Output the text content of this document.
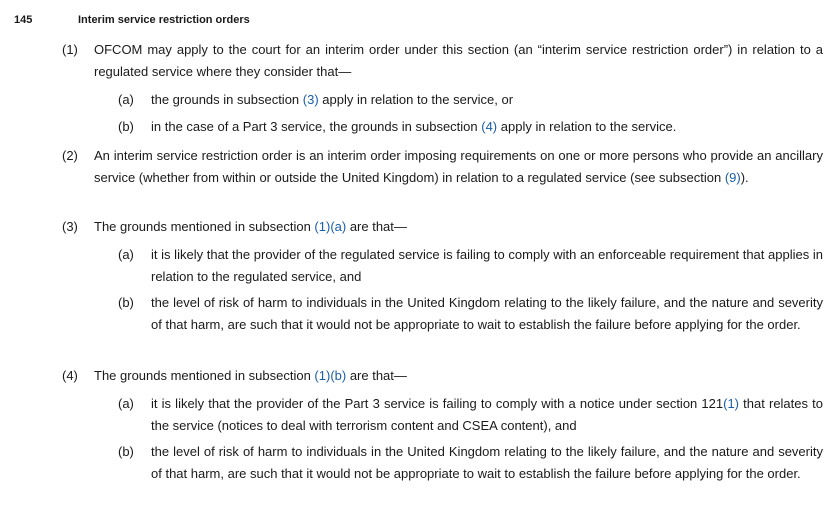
145	Interim service restriction orders
(1) OFCOM may apply to the court for an interim order under this section (an “interim service restriction order”) in relation to a regulated service where they consider that—
(a) the grounds in subsection (3) apply in relation to the service, or
(b) in the case of a Part 3 service, the grounds in subsection (4) apply in relation to the service.
(2) An interim service restriction order is an interim order imposing requirements on one or more persons who provide an ancillary service (whether from within or outside the United Kingdom) in relation to a regulated service (see subsection (9)).
(3) The grounds mentioned in subsection (1)(a) are that—
(a) it is likely that the provider of the regulated service is failing to comply with an enforceable requirement that applies in relation to the regulated service, and
(b) the level of risk of harm to individuals in the United Kingdom relating to the likely failure, and the nature and severity of that harm, are such that it would not be appropriate to wait to establish the failure before applying for the order.
(4) The grounds mentioned in subsection (1)(b) are that—
(a) it is likely that the provider of the Part 3 service is failing to comply with a notice under section 121(1) that relates to the service (notices to deal with terrorism content and CSEA content), and
(b) the level of risk of harm to individuals in the United Kingdom relating to the likely failure, and the nature and severity of that harm, are such that it would not be appropriate to wait to establish the failure before applying for the order.
